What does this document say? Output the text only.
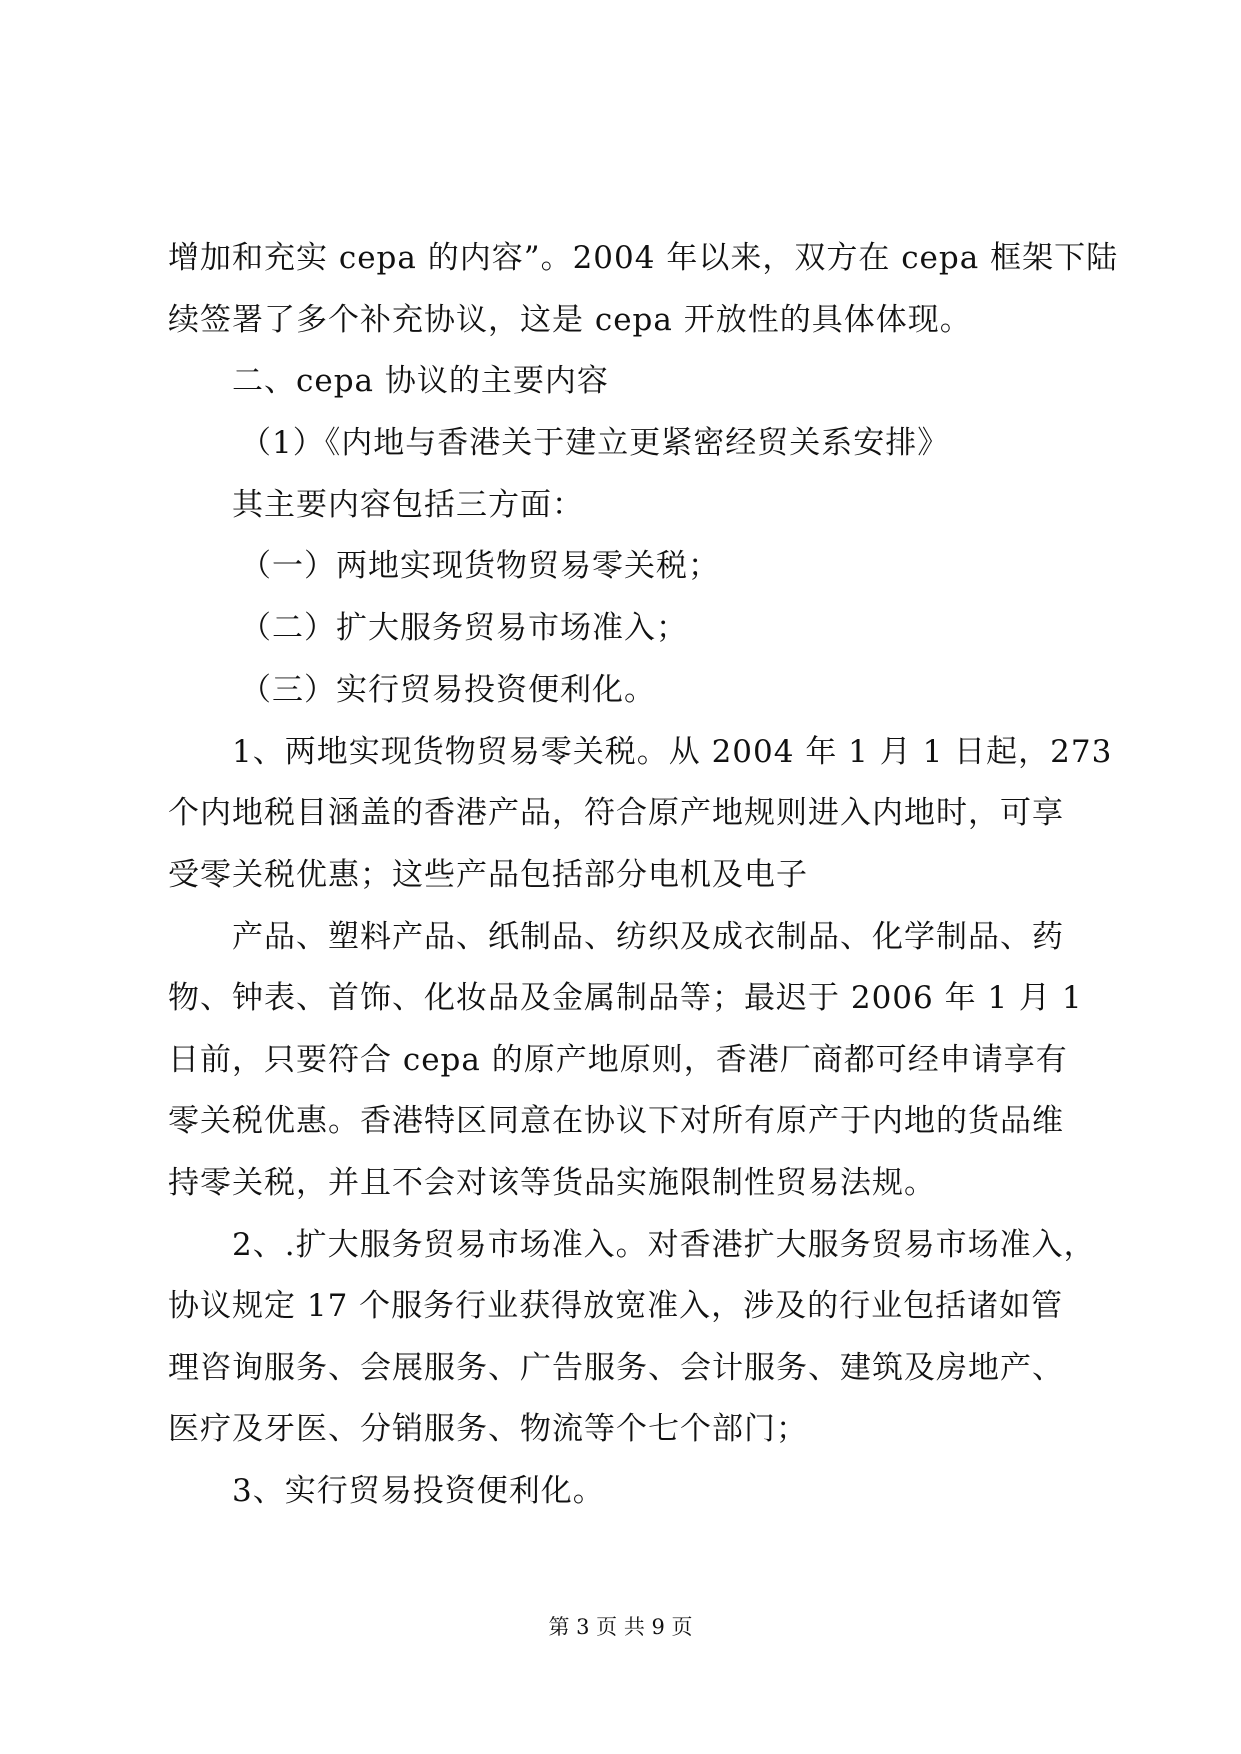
增加和充实 cepa 的内容”。2004 年以来，双方在 cepa 框架下陆
续签署了多个补充协议，这是 cepa 开放性的具体体现。
二、cepa 协议的主要内容
（1）《内地与香港关于建立更紧密经贸关系安排》
其主要内容包括三方面：
（一）两地实现货物贸易零关税；
（二）扩大服务贸易市场准入；
（三）实行贸易投资便利化。
1、两地实现货物贸易零关税。从 2004 年 1 月 1 日起，273
个内地税目涵盖的香港产品，符合原产地规则进入内地时，可享
受零关税优惠；这些产品包括部分电机及电子
产品、塑料产品、纸制品、纺织及成衣制品、化学制品、药
物、钟表、首饰、化妆品及金属制品等；最迟于 2006 年 1 月 1
日前，只要符合 cepa 的原产地原则，香港厂商都可经申请享有
零关税优惠。香港特区同意在协议下对所有原产于内地的货品维
持零关税，并且不会对该等货品实施限制性贸易法规。
2、.扩大服务贸易市场准入。对香港扩大服务贸易市场准入，
协议规定 17 个服务行业获得放宽准入，涉及的行业包括诸如管
理咨询服务、会展服务、广告服务、会计服务、建筑及房地产、
医疗及牙医、分销服务、物流等个七个部门；
3、实行贸易投资便利化。
第 3 页 共 9 页
